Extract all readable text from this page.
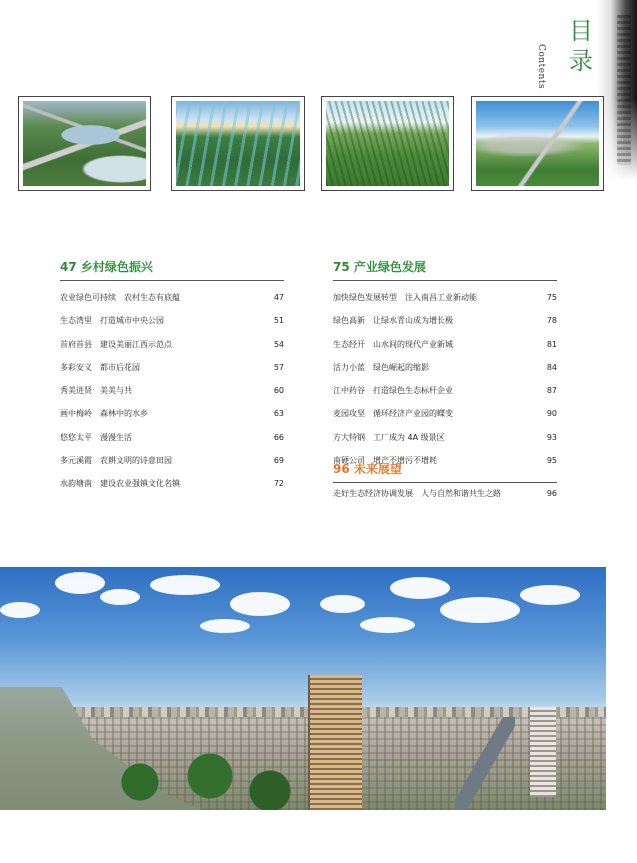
目录
Contents
47 乡村绿色振兴
农业绿色可持续　农村生态有底蕴	47
生态湾里　打造城市中央公园	51
首府首县　建设美丽江西示范点	54
多彩安义　都市后花园	57
秀美进贤　美美与共	60
画中梅岭　森林中的水乡	63
悠悠太平　漫漫生活	66
多元溪霞　农耕文明的诗意田园	69
水韵塘南　建设农业强镇文化名镇	72
75 产业绿色发展
加快绿色发展转型　注入南昌工业新动能	75
绿色高新　让绿水青山成为增长极	78
生态经开　山水间的现代产业新城	81
活力小蓝　绿色崛起的缩影	84
江中药谷　打造绿色生态标杆企业	87
麦园攻坚　循环经济产业园的蝶变	90
方大特钢　工厂成为 4A 级景区	93
南硬公司　增产不增污不增耗	95
96 未来展望
走好生态经济协调发展　人与自然和谐共生之路	96
